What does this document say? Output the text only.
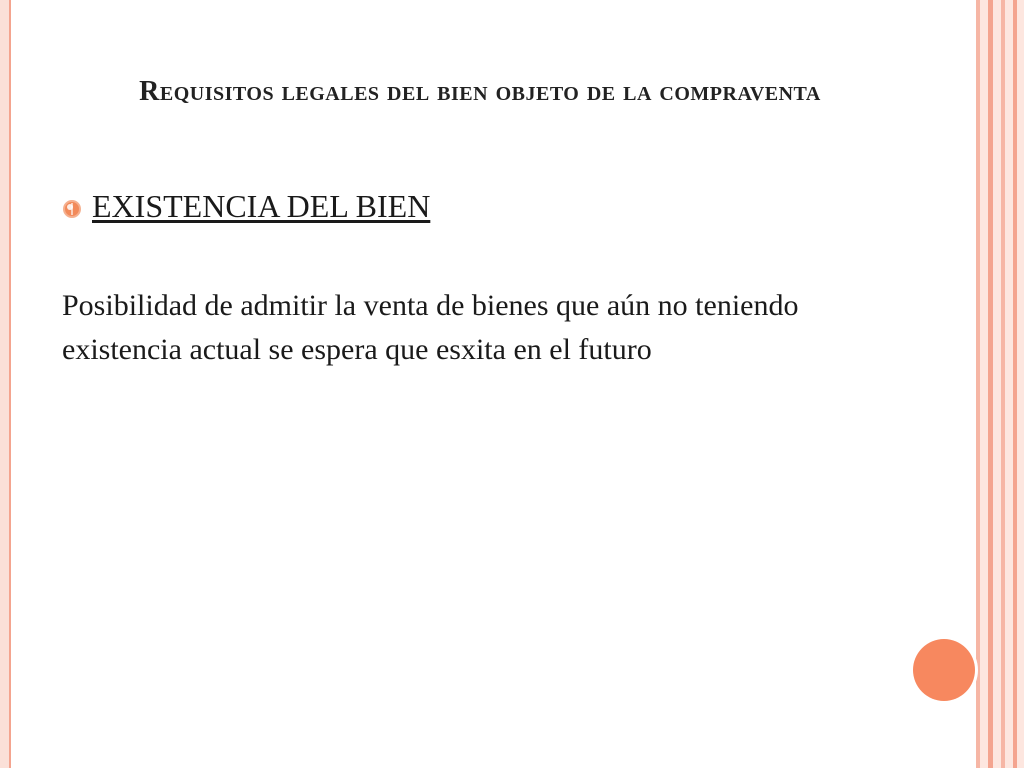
Requisitos legales del bien objeto de la compraventa
EXISTENCIA DEL BIEN
Posibilidad de admitir la venta de bienes que aún no teniendo existencia actual se espera que esxita en el futuro
